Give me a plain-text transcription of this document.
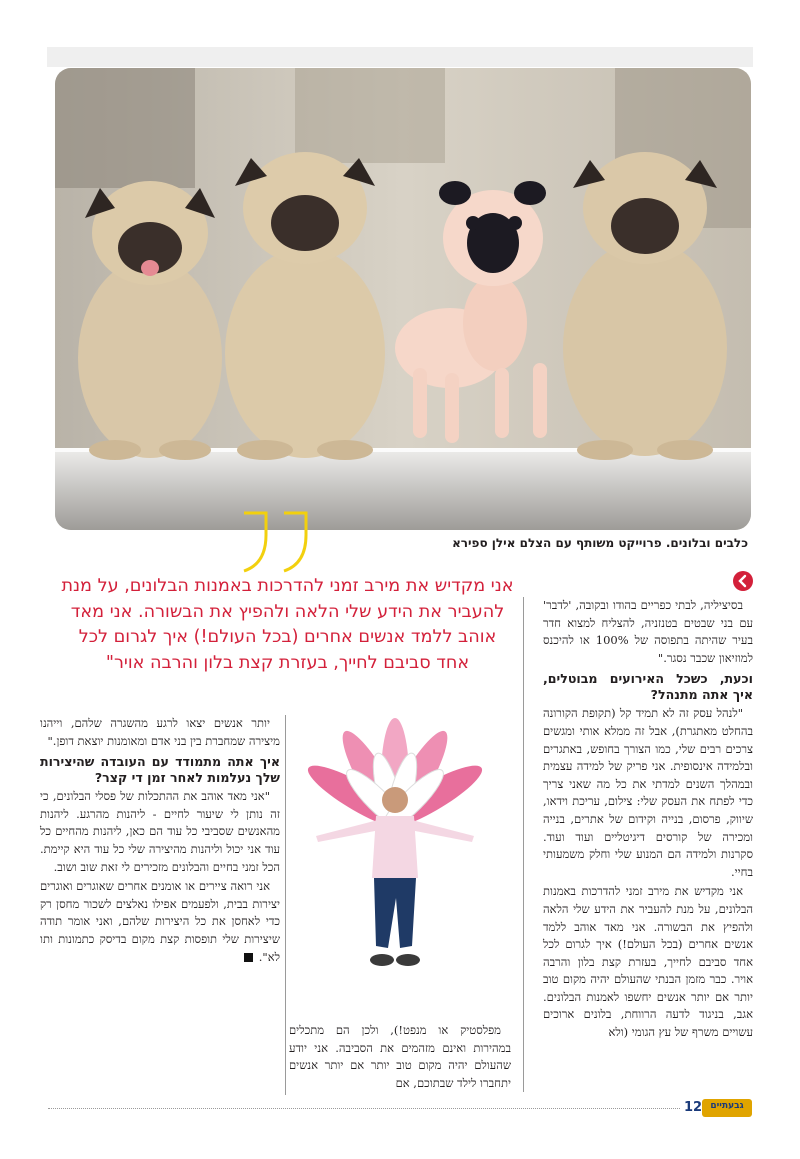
כלבים ובלונים. פרוייקט משותף עם הצלם אילן ספירא
אני מקדיש את מירב זמני להדרכות באמנות הבלונים, על מנת להעביר את הידע שלי הלאה ולהפיץ את הבשורה. אני מאד אוהב ללמד אנשים אחרים (בכל העולם!) איך לגרום לכל אחד סביבם לחייך, בעזרת קצת בלון והרבה אויר"

בסיציליה, לבתי כפריים בהודו ובקובה, 'לדבר' עם בני שבטים בטנזניה, להצליח למצוא חדר בעיר שהיתה בתפוסה של 100% או להיכנס למוזיאון שכבר נסגר."

וכעת, כשכל האירועים מבוטלים, איך אתה מתנהל?

"לנהל עסק זה לא תמיד קל (תקופת הקורונה בהחלט מאתגרת), אבל זה ממלא אותי ומגשים צרכים רבים שלי, כמו הצורך בחופש, באתגרים ובלמידה אינסופית. אני פריק של למידה עצמית ובמהלך השנים למדתי את כל מה שאני צריך כדי לפתח את העסק שלי: צילום, עריכת וידאו, שיווק, פרסום, בנייה וקידום של אתרים, בנייה ומכירה של קורסים דיגיטליים ועוד ועוד. סקרנות ולמידה הם המנוע שלי וחלק משמעותי בחיי.

אני מקדיש את מירב זמני להדרכות באמנות הבלונים, על מנת להעביר את הידע שלי הלאה ולהפיץ את הבשורה. אני מאד אוהב ללמד אנשים אחרים (בכל העולם!) איך לגרום לכל אחד סביבם לחייך, בעזרת קצת בלון והרבה אויר. כבר מזמן הבנתי שהעולם יהיה מקום טוב יותר אם יותר אנשים יחשפו לאמנות הבלונים. אגב, בניגוד לדעה הרווחת, בלונים ארוכים עשויים משרף של עץ הגומי (ולא

מפלסטיק או מנפט!), ולכן הם מתכלים במהירות ואינם מזהמים את הסביבה. אני יודע שהעולם יהיה מקום טוב יותר אם יותר אנשים יתחברו לילד שבתוכם, אם

יותר אנשים יצאו לרגע מהשגרה שלהם, וייהנו מיצירה שמחברת בין בני אדם ומאומנות יוצאת דופן."

איך אתה מתמודד עם העובדה שהיצירות שלך נעלמות לאחר זמן די קצר?

"אני מאד אוהב את ההתכלות של פסלי הבלונים, כי זה נותן לי שיעור לחיים - ליהנות מהרגע. ליהנות מהאנשים שסביבי כל עוד הם כאן, ליהנות מהחיים כל עוד אני יכול וליהנות מהיצירה שלי כל עוד היא קיימת. הכל זמני בחיים והבלונים מזכירים לי זאת שוב ושוב.

אני רואה ציירים או אומנים אחרים שאוגרים ואוגרים יצירות בבית, ולפעמים אפילו נאלצים לשכור מחסן רק כדי לאחסן את כל היצירות שלהם, ואני אומר תודה שיצירות שלי תופסות קצת מקום בדיסק כתמונות ותו לא".

12 גבעתיים
